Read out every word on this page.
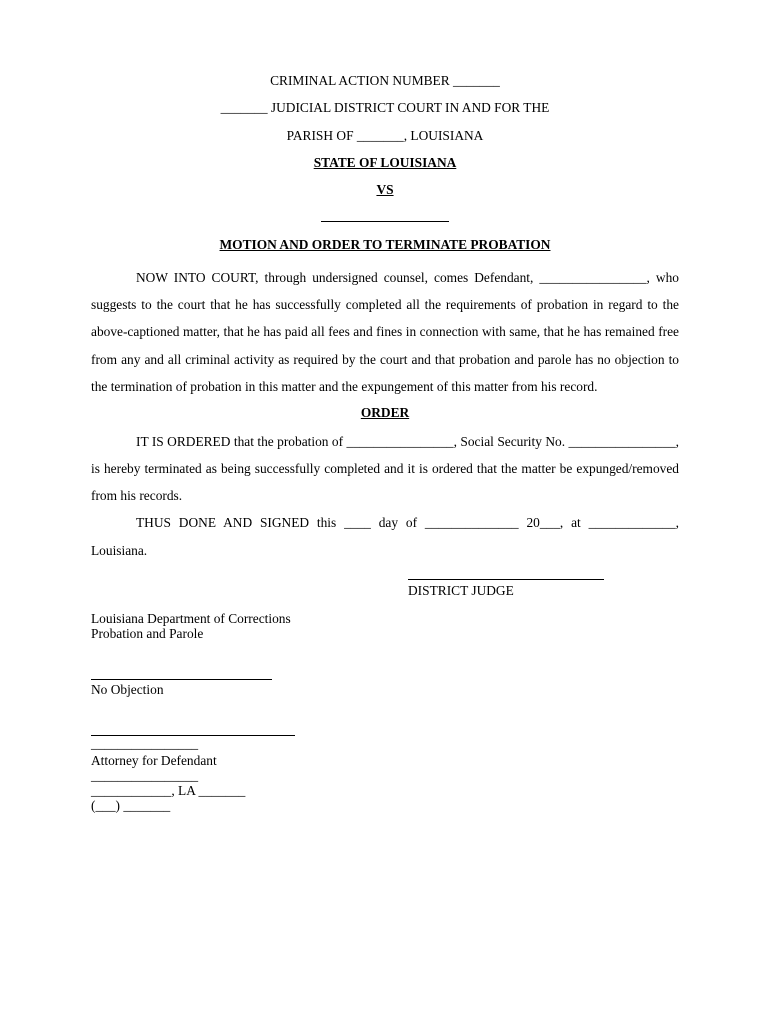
CRIMINAL ACTION NUMBER _______
_______ JUDICIAL DISTRICT COURT IN AND FOR THE
PARISH OF _______, LOUISIANA
STATE OF LOUISIANA
VS
MOTION AND ORDER TO TERMINATE PROBATION

NOW INTO COURT, through undersigned counsel, comes Defendant, ________________, who suggests to the court that he has successfully completed all the requirements of probation in regard to the above-captioned matter, that he has paid all fees and fines in connection with same, that he has remained free from any and all criminal activity as required by the court and that probation and parole has no objection to the termination of probation in this matter and the expungement of this matter from his record.

ORDER

IT IS ORDERED that the probation of ________________, Social Security No. ________________, is hereby terminated as being successfully completed and it is ordered that the matter be expunged/removed from his records.

THUS DONE AND SIGNED this ____ day of ______________ 20___, at _____________, Louisiana.

DISTRICT JUDGE

Louisiana Department of Corrections

Probation and Parole

No Objection

________________

Attorney for Defendant

________________

____________, LA _______

(___) _______
